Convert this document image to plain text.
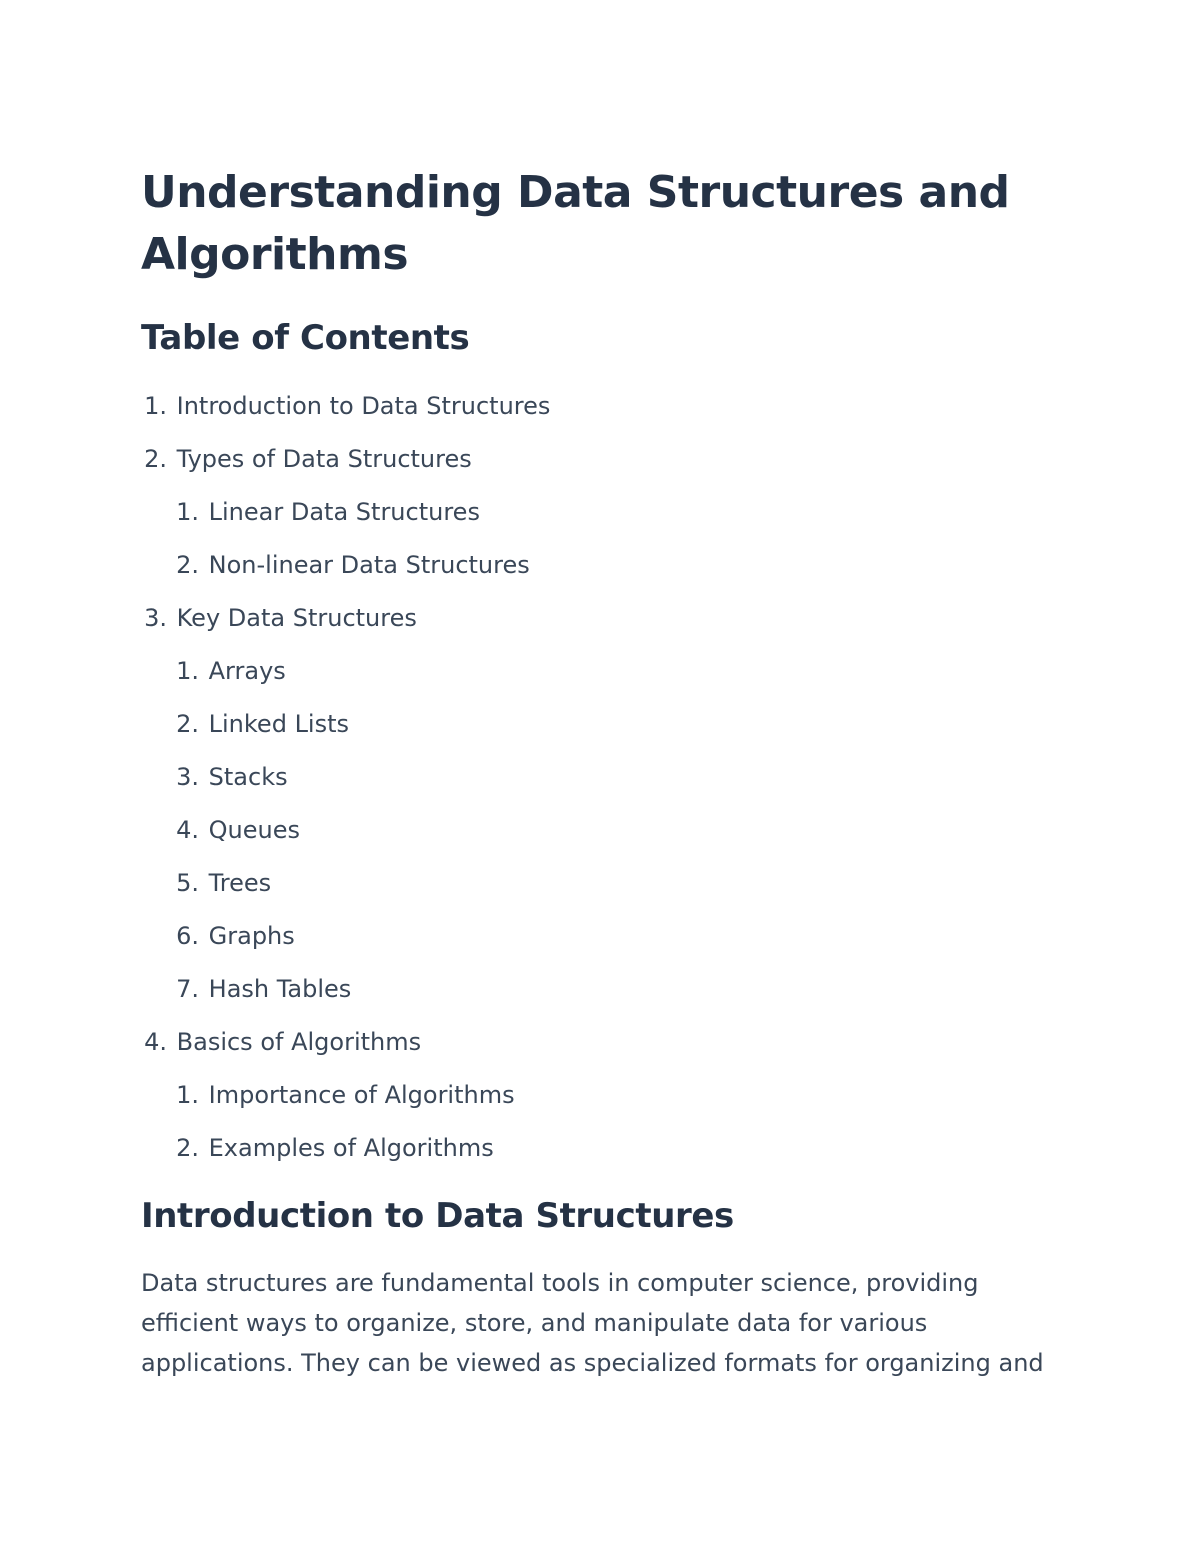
Understanding Data Structures and Algorithms
Table of Contents
1. Introduction to Data Structures
2. Types of Data Structures
1. Linear Data Structures
2. Non-linear Data Structures
3. Key Data Structures
1. Arrays
2. Linked Lists
3. Stacks
4. Queues
5. Trees
6. Graphs
7. Hash Tables
4. Basics of Algorithms
1. Importance of Algorithms
2. Examples of Algorithms
Introduction to Data Structures

Data structures are fundamental tools in computer science, providing efficient ways to organize, store, and manipulate data for various applications. They can be viewed as specialized formats for organizing and
